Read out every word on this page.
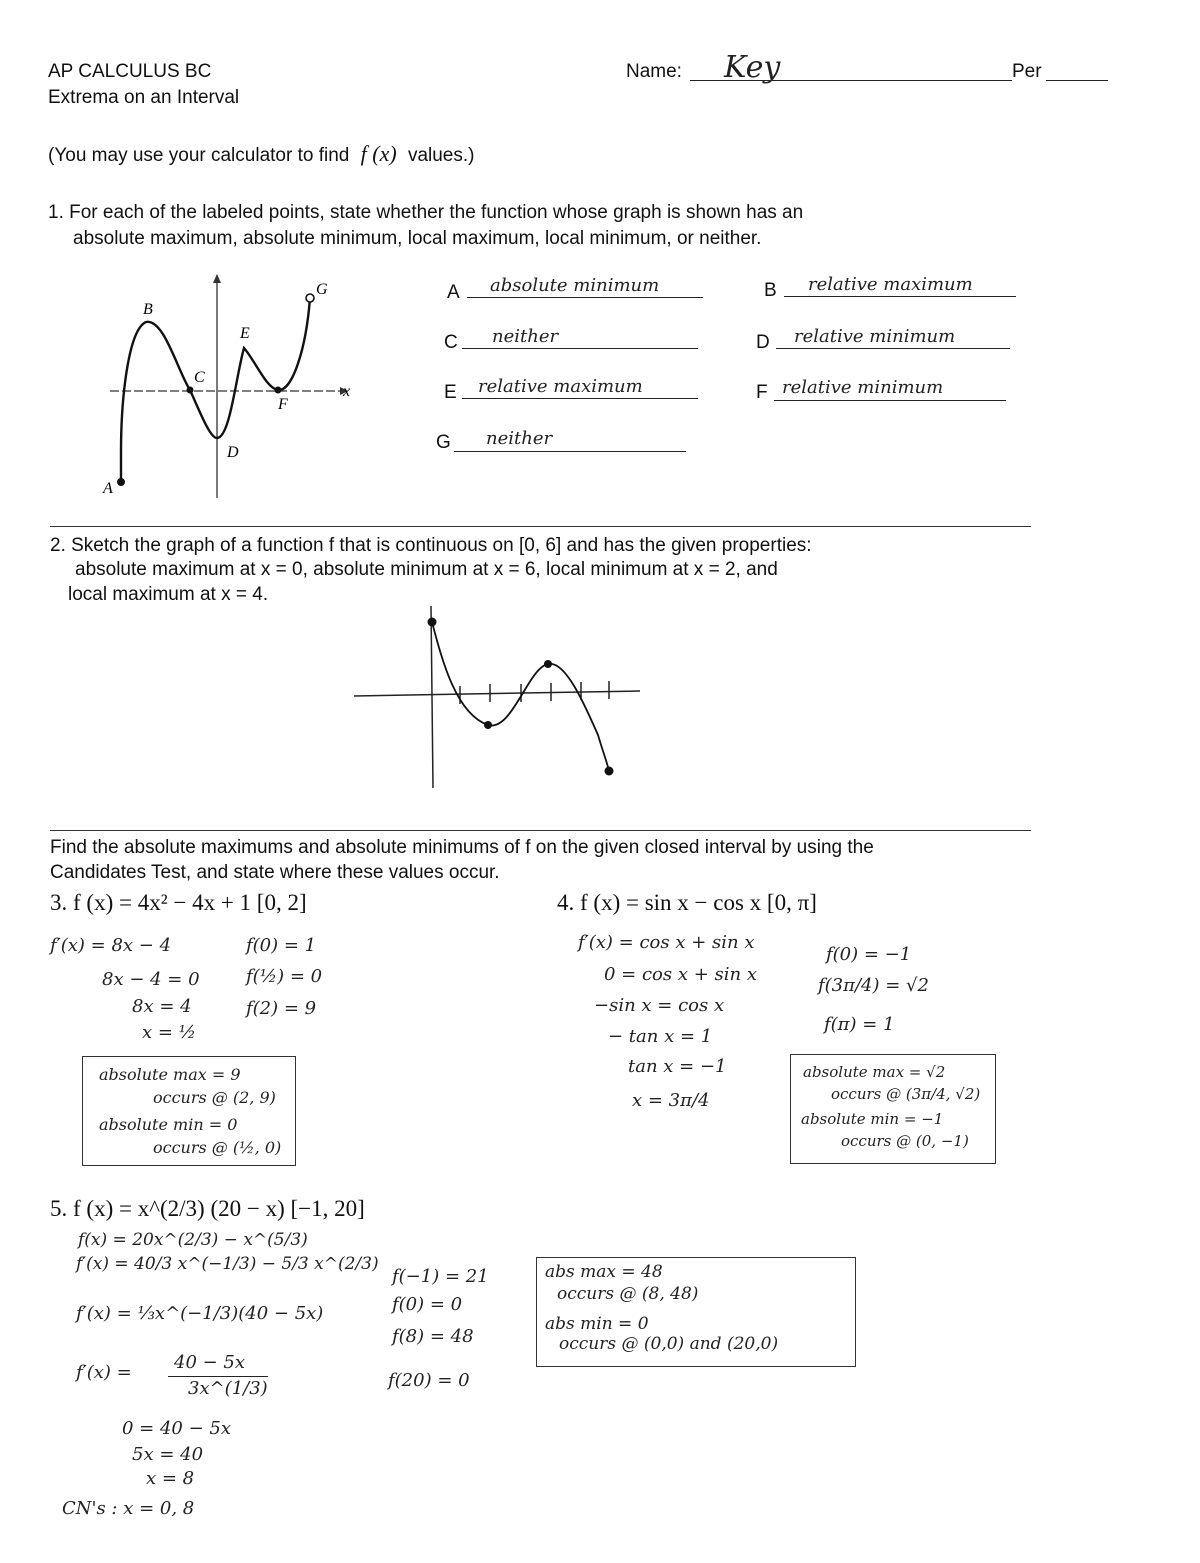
AP CALCULUS BC
Extrema on an Interval
Name: Key	Per
(You may use your calculator to find f (x) values.)
1. For each of the labeled points, state whether the function whose graph is shown has an
absolute maximum, absolute minimum, local maximum, local minimum, or neither.
A
B
C
D
E
F
G
x
A absolute minimum
C neither
E relative maximum
G neither
B relative maximum
D relative minimum
F relative minimum
2. Sketch the graph of a function f that is continuous on [0, 6] and has the given properties:
absolute maximum at x = 0, absolute minimum at x = 6, local minimum at x = 2, and
local maximum at x = 4.
Find the absolute maximums and absolute minimums of f on the given closed interval by using the
Candidates Test, and state where these values occur.
3. f (x) = 4x² − 4x + 1 [0, 2]
f′(x) = 8x − 4
8x − 4 = 0
8x = 4
x = ½
f(0) = 1
f(½) = 0
f(2) = 9
absolute max = 9
occurs @ (2, 9)
absolute min = 0
occurs @ (½, 0)
4. f (x) = sin x − cos x [0, π]
f′(x) = cos x + sin x
0 = cos x + sin x
−sin x = cos x
− tan x = 1
tan x = −1
x = 3π/4
f(0) = −1
f(3π/4) = √2
f(π) = 1
absolute max = √2
occurs @ (3π/4, √2)
absolute min = −1
occurs @ (0, −1)
5. f (x) = x^(2/3) (20 − x) [−1, 20]
f(x) = 20x^(2/3) − x^(5/3)
f′(x) = 40/3 x^(−1/3) − 5/3 x^(2/3)
f′(x) = ⅓x^(−1/3)(40 − 5x)
f′(x) = 40 − 5x
3x^(1/3)
0 = 40 − 5x
5x = 40
x = 8
CN's : x = 0, 8
f(−1) = 21
f(0) = 0
f(8) = 48
f(20) = 0
abs max = 48
occurs @ (8, 48)
abs min = 0
occurs @ (0,0) and (20,0)
